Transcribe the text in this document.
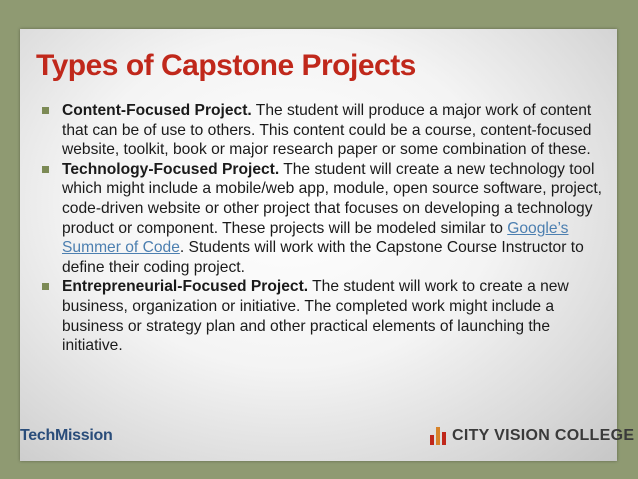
Types of Capstone Projects
Content-Focused Project. The student will produce a major work of content that can be of use to others. This content could be a course, content-focused website, toolkit, book or major research paper or some combination of these.
Technology-Focused Project. The student will create a new technology tool which might include a mobile/web app, module, open source software, project, code-driven website or other project that focuses on developing a technology product or component. These projects will be modeled similar to Google’s Summer of Code. Students will work with the Capstone Course Instructor to define their coding project.
Entrepreneurial-Focused Project. The student will work to create a new business, organization or initiative. The completed work might include a business or strategy plan and other practical elements of launching the initiative.
TechMission	CITY VISION COLLEGE
